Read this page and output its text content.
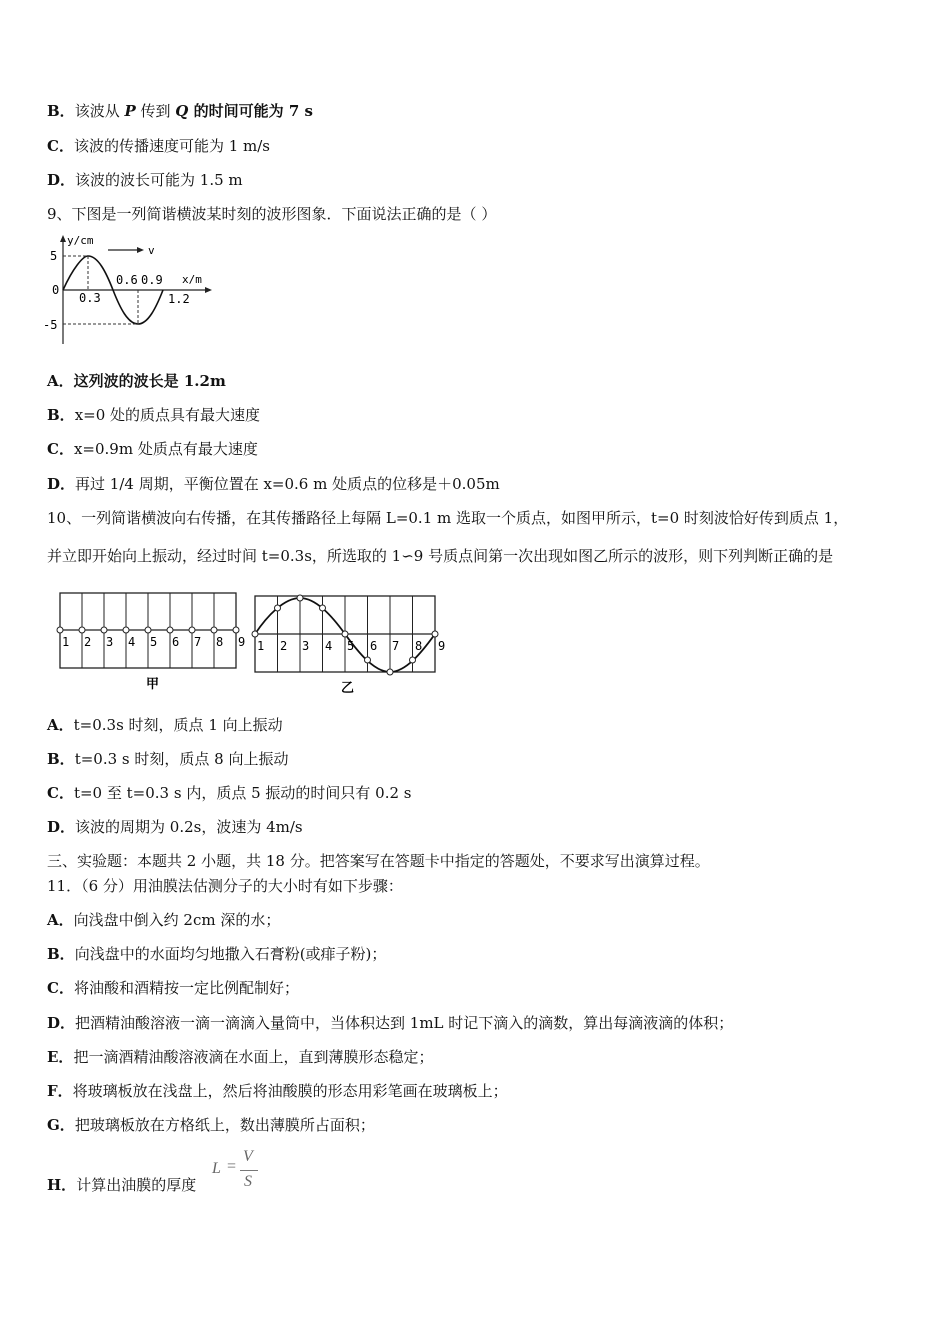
B．该波从 P 传到 Q 的时间可能为 7 s
C．该波的传播速度可能为 1 m/s
D．该波的波长可能为 1.5 m
9、下图是一列简谐横波某时刻的波形图象．下面说法正确的是（ ）
y/cm
x/m
v
5
0
-5
0.3
0.6 0.9
1.2
A．这列波的波长是 1.2m
B．x=0 处的质点具有最大速度
C．x=0.9m 处质点有最大速度
D．再过 1/4 周期，平衡位置在 x=0.6 m 处质点的位移是＋0.05m
10、一列简谐横波向右传播，在其传播路径上每隔 L=0.1 m 选取一个质点，如图甲所示，t=0 时刻波恰好传到质点 1，
并立即开始向上振动，经过时间 t=0.3s，所选取的 1∽9 号质点间第一次出现如图乙所示的波形，则下列判断正确的是
1 2 3 4 5 6 7 8 9
甲
1 2 3 4 5 6 7 8 9
乙
A．t=0.3s 时刻，质点 1 向上振动
B．t=0.3 s 时刻，质点 8 向上振动
C．t=0 至 t=0.3 s 内，质点 5 振动的时间只有 0.2 s
D．该波的周期为 0.2s，波速为 4m/s
三、实验题：本题共 2 小题，共 18 分。把答案写在答题卡中指定的答题处，不要求写出演算过程。
11．（6 分）用油膜法估测分子的大小时有如下步骤：
A．向浅盘中倒入约 2cm 深的水；
B．向浅盘中的水面均匀地撒入石膏粉(或痱子粉)；
C．将油酸和酒精按一定比例配制好；
D．把酒精油酸溶液一滴一滴滴入量筒中，当体积达到 1mL 时记下滴入的滴数，算出每滴液滴的体积；
E．把一滴酒精油酸溶液滴在水面上，直到薄膜形态稳定；
F．将玻璃板放在浅盘上，然后将油酸膜的形态用彩笔画在玻璃板上；
G．把玻璃板放在方格纸上，数出薄膜所占面积；
H．计算出油膜的厚度
L =
V
S
